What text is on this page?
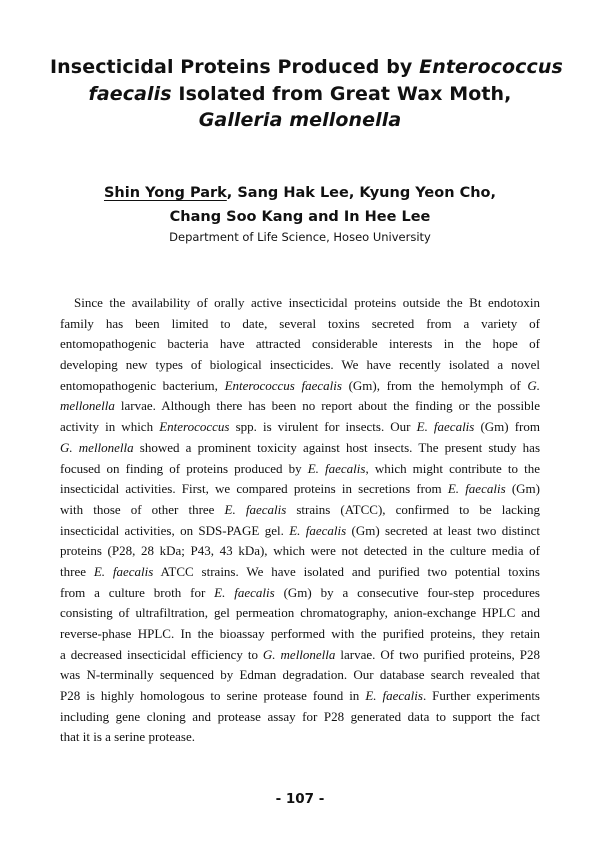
Insecticidal Proteins Produced by Enterococcus
faecalis Isolated from Great Wax Moth,
Galleria mellonella
Shin Yong Park, Sang Hak Lee, Kyung Yeon Cho,
Chang Soo Kang and In Hee Lee
Department of Life Science, Hoseo University
Since the availability of orally active insecticidal proteins outside the Bt endotoxin
family has been limited to date, several toxins secreted from a variety of
entomopathogenic bacteria have attracted considerable interests in the hope of
developing new types of biological insecticides. We have recently isolated a novel
entomopathogenic bacterium, Enterococcus faecalis (Gm), from the hemolymph of G.
mellonella larvae. Although there has been no report about the finding or the possible
activity in which Enterococcus spp. is virulent for insects. Our E. faecalis (Gm) from
G. mellonella showed a prominent toxicity against host insects. The present study has
focused on finding of proteins produced by E. faecalis, which might contribute to the
insecticidal activities. First, we compared proteins in secretions from E. faecalis (Gm)
with those of other three E. faecalis strains (ATCC), confirmed to be lacking
insecticidal activities, on SDS-PAGE gel. E. faecalis (Gm) secreted at least two distinct
proteins (P28, 28 kDa; P43, 43 kDa), which were not detected in the culture media of
three E. faecalis ATCC strains. We have isolated and purified two potential toxins
from a culture broth for E. faecalis (Gm) by a consecutive four-step procedures
consisting of ultrafiltration, gel permeation chromatography, anion-exchange HPLC and
reverse-phase HPLC. In the bioassay performed with the purified proteins, they retain
a decreased insecticidal efficiency to G. mellonella larvae. Of two purified proteins, P28
was N-terminally sequenced by Edman degradation. Our database search revealed that
P28 is highly homologous to serine protease found in E. faecalis. Further experiments
including gene cloning and protease assay for P28 generated data to support the fact
that it is a serine protease.
- 107 -
